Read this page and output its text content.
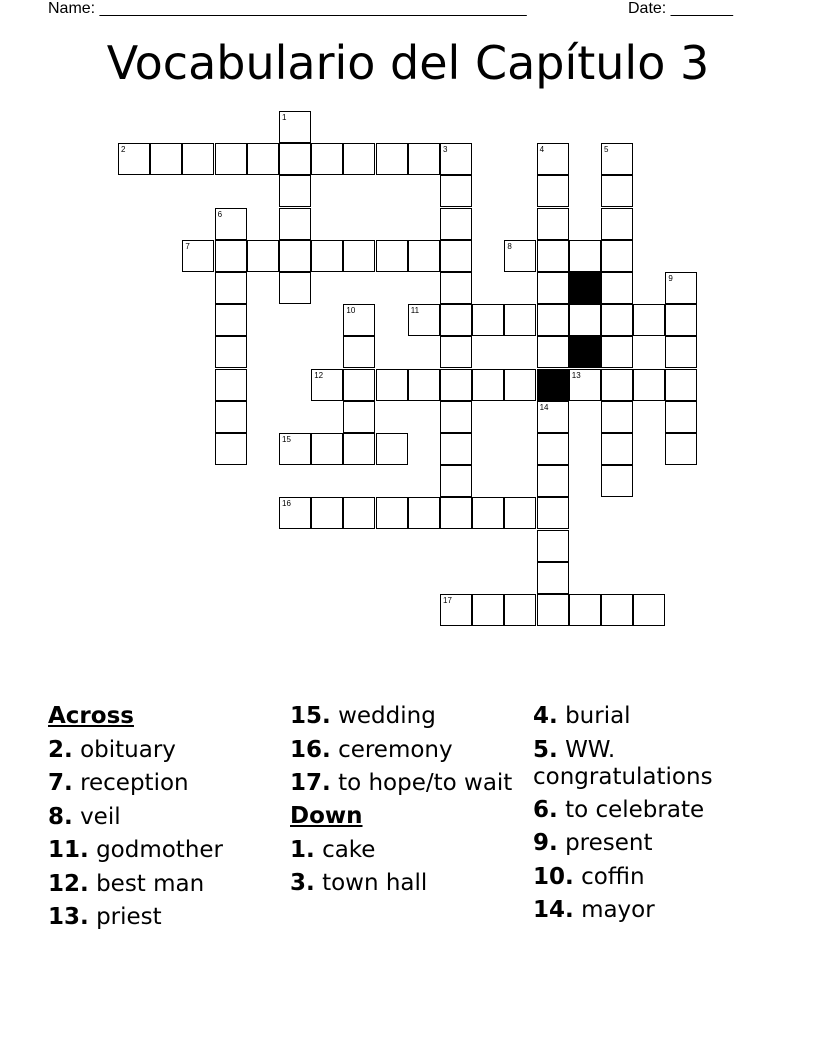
Name: ________________________________________________	Date: _______
Vocabulario del Capítulo 3
1
2	3	4	5
6
7	8
9
10	11
12	13
14
15
16
17
Across
2. obituary
7. reception
8. veil
11. godmother
12. best man
13. priest
15. wedding
16. ceremony
17. to hope/to wait
Down
1. cake
3. town hall
4. burial
5. WW. congratulations
6. to celebrate
9. present
10. coffin
14. mayor
